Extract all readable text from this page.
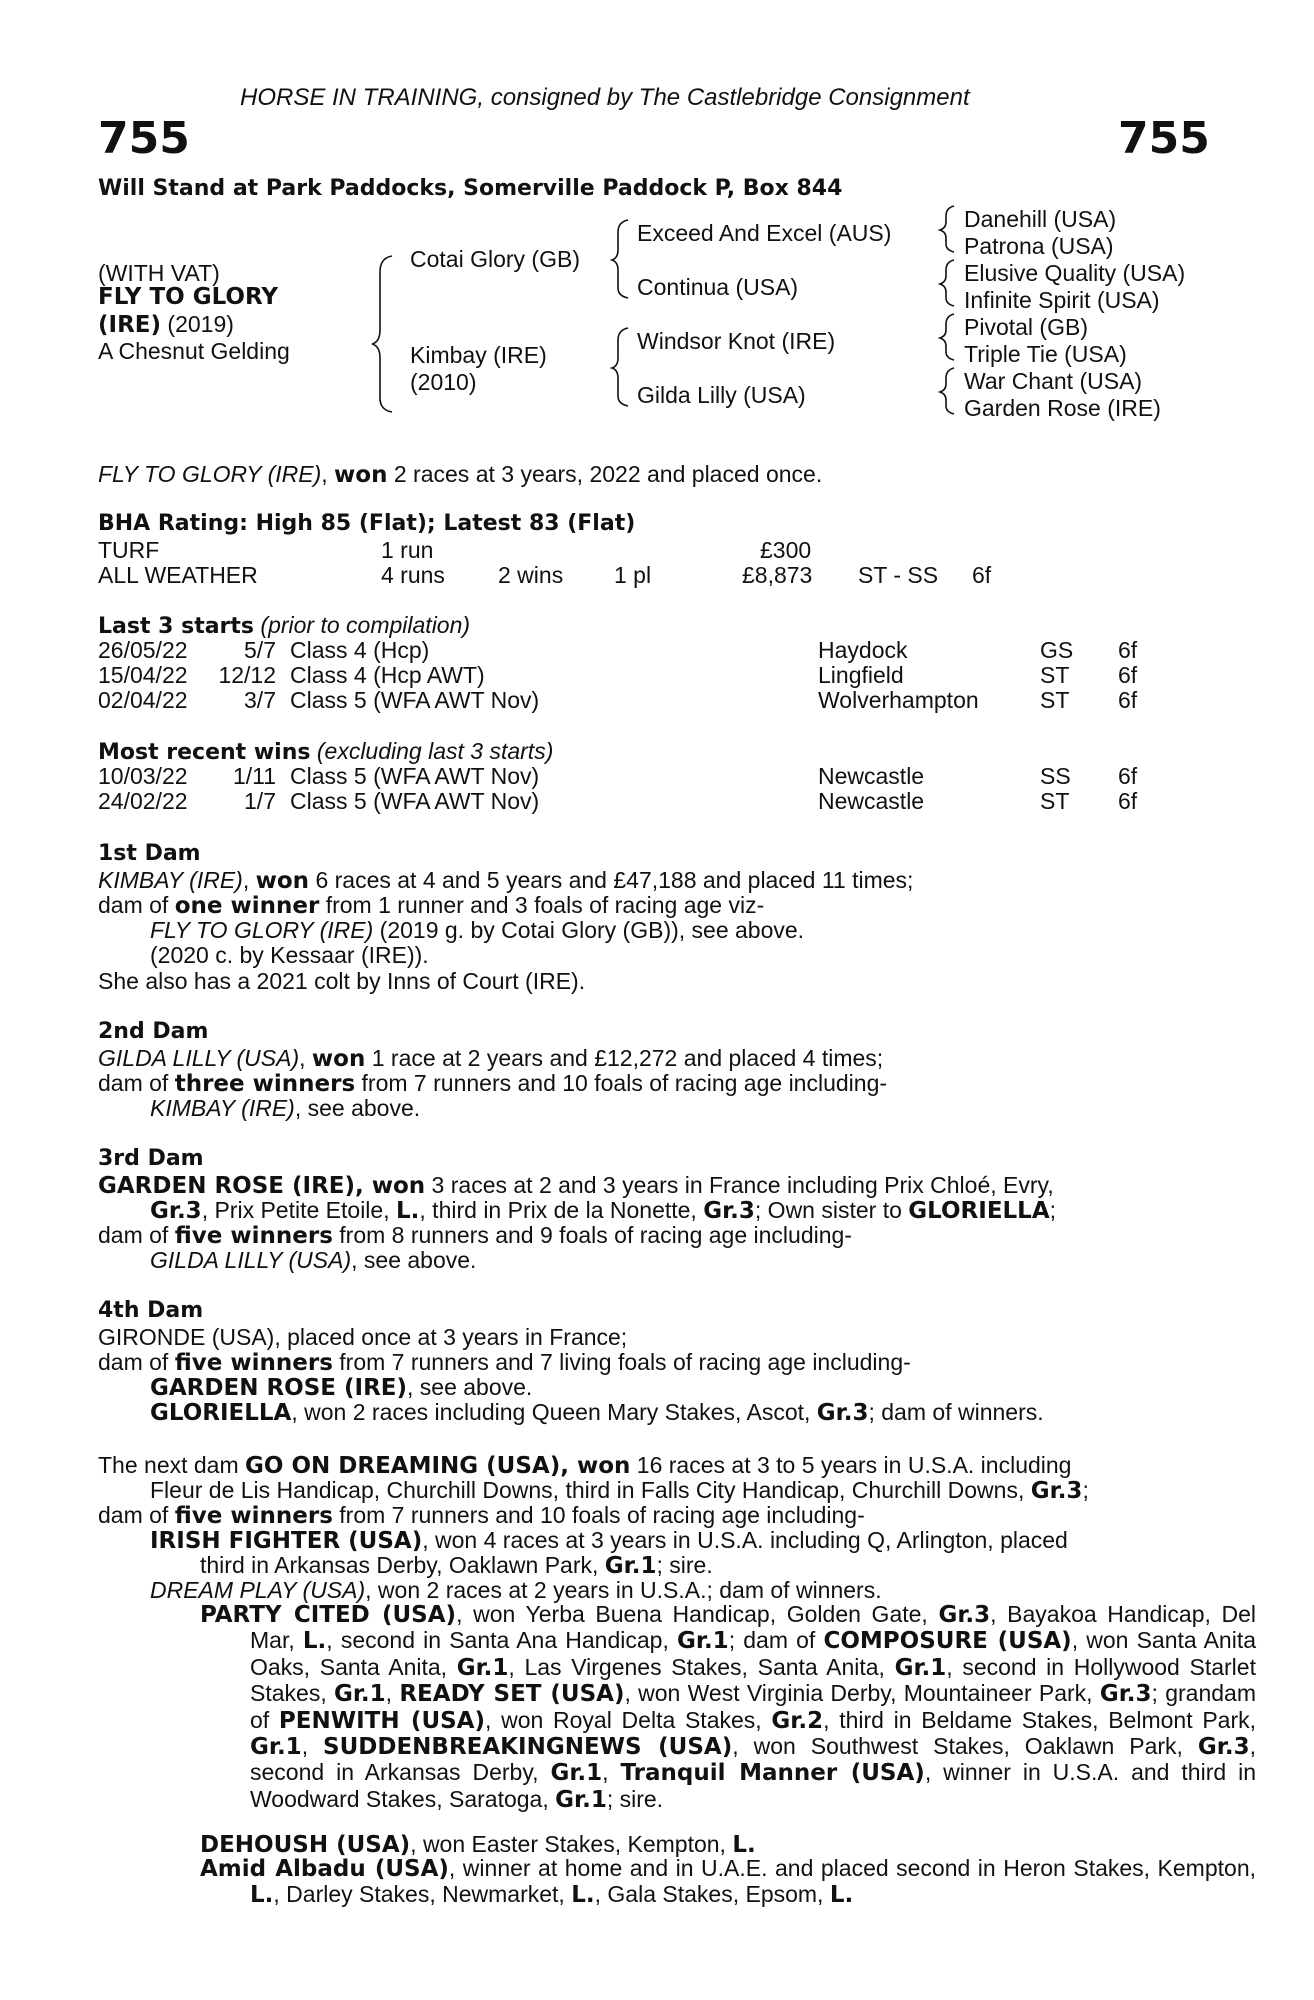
HORSE IN TRAINING, consigned by The Castlebridge Consignment
755	755
Will Stand at Park Paddocks, Somerville Paddock P, Box 844
(WITH VAT)
FLY TO GLORY
(IRE) (2019)
A Chesnut Gelding
Cotai Glory (GB)
Kimbay (IRE)
(2010)
Exceed And Excel (AUS)
Continua (USA)
Windsor Knot (IRE)
Gilda Lilly (USA)
Danehill (USA)
Patrona (USA)
Elusive Quality (USA)
Infinite Spirit (USA)
Pivotal (GB)
Triple Tie (USA)
War Chant (USA)
Garden Rose (IRE)
FLY TO GLORY (IRE), won 2 races at 3 years, 2022 and placed once.
BHA Rating: High 85 (Flat); Latest 83 (Flat)
TURF	1 run	£300
ALL WEATHER	4 runs 2 wins 1 pl	£8,873 ST - SS 6f
Last 3 starts (prior to compilation)
26/05/22 5/7 Class 4 (Hcp)	Haydock	GS 6f
15/04/22 12/12 Class 4 (Hcp AWT)	Lingfield	ST 6f
02/04/22 3/7 Class 5 (WFA AWT Nov)	Wolverhampton	ST 6f
Most recent wins (excluding last 3 starts)
10/03/22 1/11 Class 5 (WFA AWT Nov)	Newcastle	SS 6f
24/02/22 1/7 Class 5 (WFA AWT Nov)	Newcastle	ST 6f
1st Dam
KIMBAY (IRE), won 6 races at 4 and 5 years and £47,188 and placed 11 times;
dam of one winner from 1 runner and 3 foals of racing age viz-
FLY TO GLORY (IRE) (2019 g. by Cotai Glory (GB)), see above.
(2020 c. by Kessaar (IRE)).
She also has a 2021 colt by Inns of Court (IRE).
2nd Dam
GILDA LILLY (USA), won 1 race at 2 years and £12,272 and placed 4 times;
dam of three winners from 7 runners and 10 foals of racing age including-
KIMBAY (IRE), see above.
3rd Dam
GARDEN ROSE (IRE), won 3 races at 2 and 3 years in France including Prix Chloé, Evry,
Gr.3, Prix Petite Etoile, L., third in Prix de la Nonette, Gr.3; Own sister to GLORIELLA;
dam of five winners from 8 runners and 9 foals of racing age including-
GILDA LILLY (USA), see above.
4th Dam
GIRONDE (USA), placed once at 3 years in France;
dam of five winners from 7 runners and 7 living foals of racing age including-
GARDEN ROSE (IRE), see above.
GLORIELLA, won 2 races including Queen Mary Stakes, Ascot, Gr.3; dam of winners.
The next dam GO ON DREAMING (USA), won 16 races at 3 to 5 years in U.S.A. including
Fleur de Lis Handicap, Churchill Downs, third in Falls City Handicap, Churchill Downs, Gr.3;
dam of five winners from 7 runners and 10 foals of racing age including-
IRISH FIGHTER (USA), won 4 races at 3 years in U.S.A. including Q, Arlington, placed
third in Arkansas Derby, Oaklawn Park, Gr.1; sire.
DREAM PLAY (USA), won 2 races at 2 years in U.S.A.; dam of winners.
PARTY CITED (USA), won Yerba Buena Handicap, Golden Gate, Gr.3, Bayakoa Handicap, Del Mar, L., second in Santa Ana Handicap, Gr.1; dam of COMPOSURE (USA), won Santa Anita Oaks, Santa Anita, Gr.1, Las Virgenes Stakes, Santa Anita, Gr.1, second in Hollywood Starlet Stakes, Gr.1, READY SET (USA), won West Virginia Derby, Mountaineer Park, Gr.3; grandam of PENWITH (USA), won Royal Delta Stakes, Gr.2, third in Beldame Stakes, Belmont Park, Gr.1, SUDDENBREAKINGNEWS (USA), won Southwest Stakes, Oaklawn Park, Gr.3, second in Arkansas Derby, Gr.1, Tranquil Manner (USA), winner in U.S.A. and third in Woodward Stakes, Saratoga, Gr.1; sire.
DEHOUSH (USA), won Easter Stakes, Kempton, L.
Amid Albadu (USA), winner at home and in U.A.E. and placed second in Heron Stakes, Kempton, L., Darley Stakes, Newmarket, L., Gala Stakes, Epsom, L.
